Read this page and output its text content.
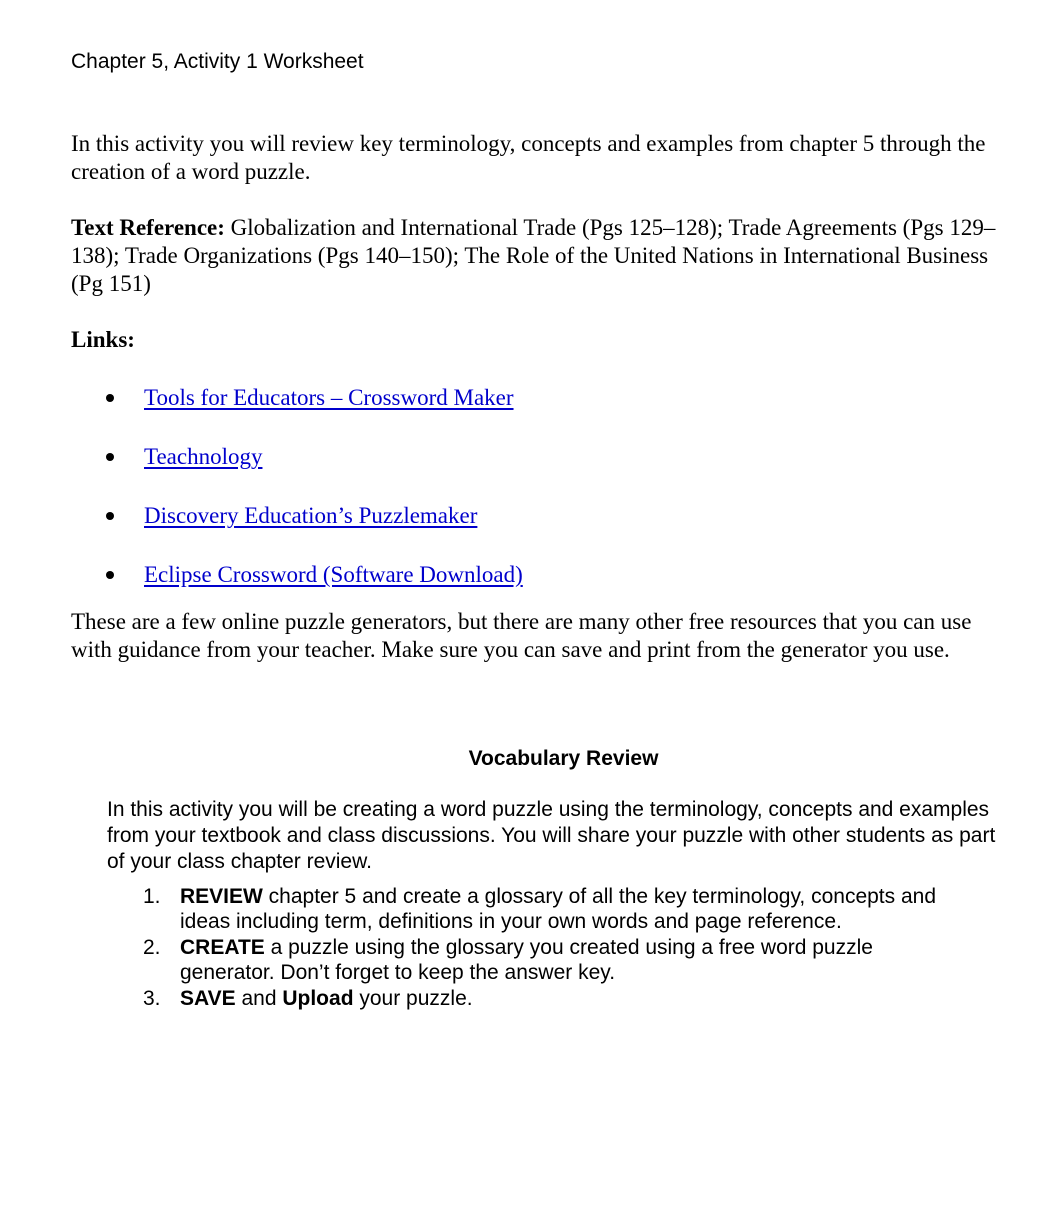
Chapter 5, Activity 1 Worksheet

In this activity you will review key terminology, concepts and examples from chapter 5 through the creation of a word puzzle.

Text Reference: Globalization and International Trade (Pgs 125–128); Trade Agreements (Pgs 129–138); Trade Organizations (Pgs 140–150); The Role of the United Nations in International Business (Pg 151)

Links:

Tools for Educators – Crossword Maker
Teachnology
Discovery Education’s Puzzlemaker
Eclipse Crossword (Software Download)

These are a few online puzzle generators, but there are many other free resources that you can use with guidance from your teacher. Make sure you can save and print from the generator you use.

Vocabulary Review

In this activity you will be creating a word puzzle using the terminology, concepts and examples from your textbook and class discussions. You will share your puzzle with other students as part of your class chapter review.

1. REVIEW chapter 5 and create a glossary of all the key terminology, concepts and ideas including term, definitions in your own words and page reference.
2. CREATE a puzzle using the glossary you created using a free word puzzle generator. Don’t forget to keep the answer key.
3. SAVE and Upload your puzzle.
